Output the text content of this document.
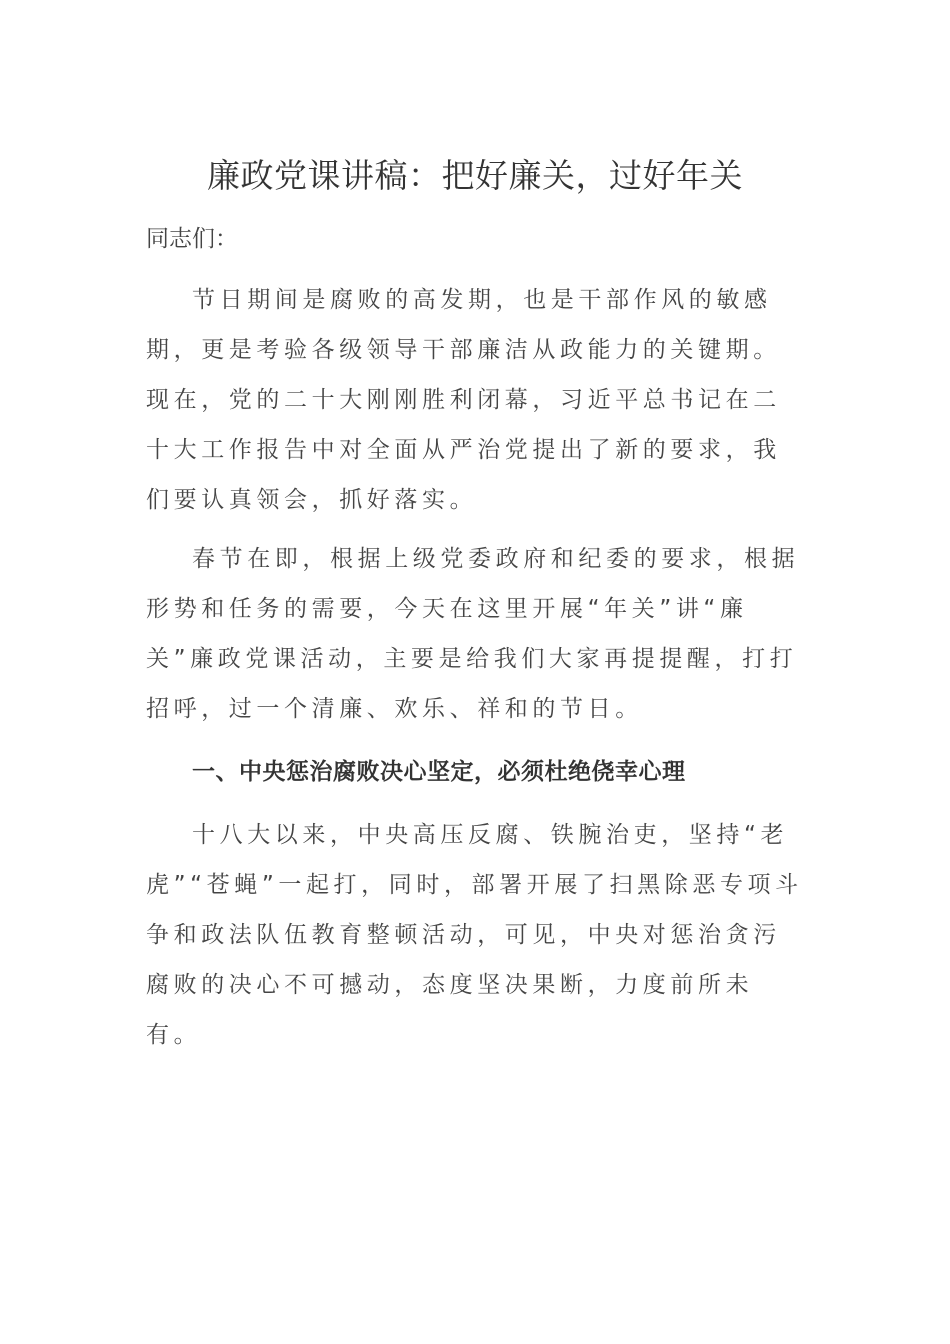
廉政党课讲稿：把好廉关，过好年关

同志们：

节日期间是腐败的高发期，也是干部作风的敏感期，更是考验各级领导干部廉洁从政能力的关键期。现在，党的二十大刚刚胜利闭幕，习近平总书记在二十大工作报告中对全面从严治党提出了新的要求，我们要认真领会，抓好落实。

春节在即，根据上级党委政府和纪委的要求，根据形势和任务的需要，今天在这里开展“年关”讲“廉关”廉政党课活动，主要是给我们大家再提提醒，打打招呼，过一个清廉、欢乐、祥和的节日。

一、中央惩治腐败决心坚定，必须杜绝侥幸心理

十八大以来，中央高压反腐、铁腕治吏，坚持“老虎”“苍蝇”一起打，同时，部署开展了扫黑除恶专项斗争和政法队伍教育整顿活动，可见，中央对惩治贪污腐败的决心不可撼动，态度坚决果断，力度前所未有。
